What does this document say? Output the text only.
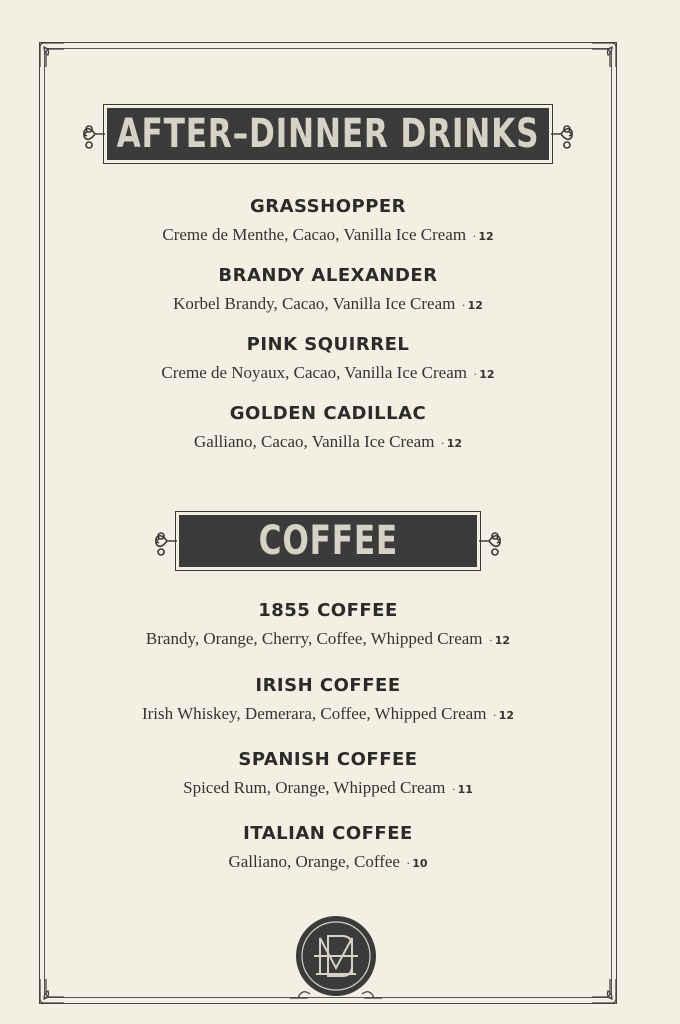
AFTER–DINNER DRINKS
GRASSHOPPER
Creme de Menthe, Cacao, Vanilla Ice Cream · 12
BRANDY ALEXANDER
Korbel Brandy, Cacao, Vanilla Ice Cream · 12
PINK SQUIRREL
Creme de Noyaux, Cacao, Vanilla Ice Cream · 12
GOLDEN CADILLAC
Galliano, Cacao, Vanilla Ice Cream · 12
COFFEE
1855 COFFEE
Brandy, Orange, Cherry, Coffee, Whipped Cream · 12
IRISH COFFEE
Irish Whiskey, Demerara, Coffee, Whipped Cream · 12
SPANISH COFFEE
Spiced Rum, Orange, Whipped Cream · 11
ITALIAN COFFEE
Galliano, Orange, Coffee · 10
